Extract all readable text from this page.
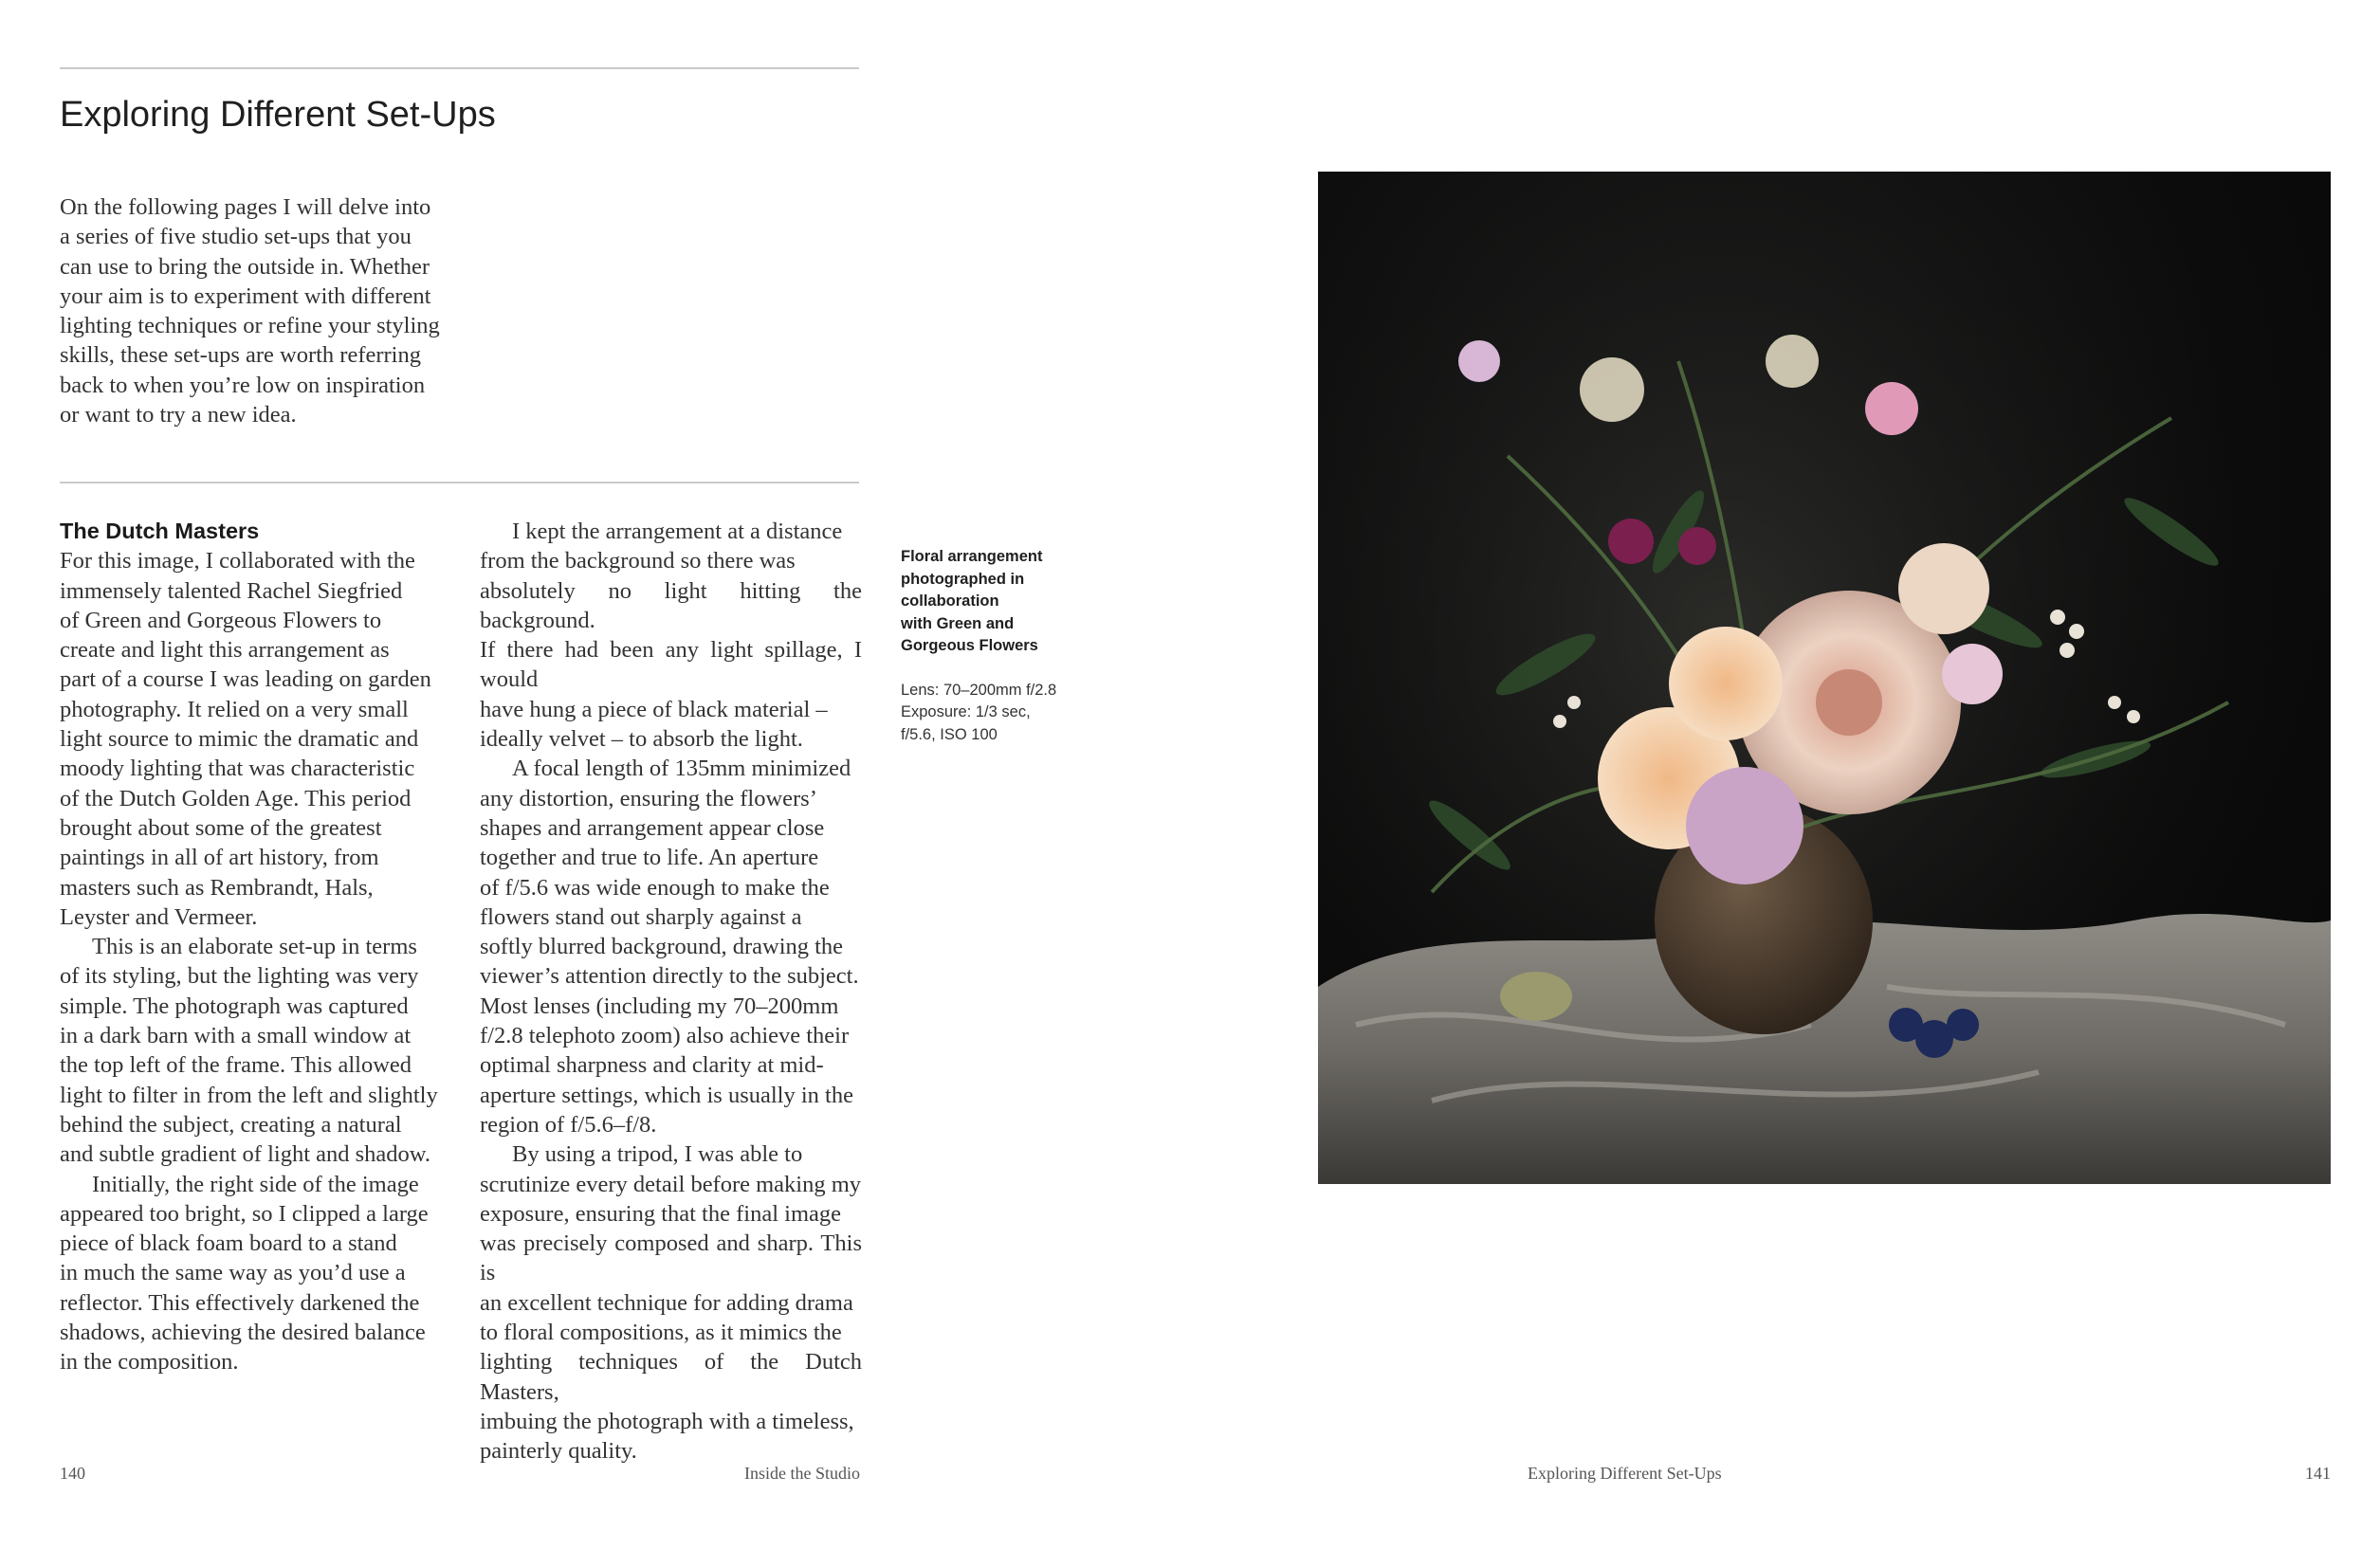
Exploring Different Set-Ups

On the following pages I will delve into
a series of five studio set-ups that you
can use to bring the outside in. Whether
your aim is to experiment with different
lighting techniques or refine your styling
skills, these set-ups are worth referring
back to when you’re low on inspiration
or want to try a new idea.

The Dutch Masters

For this image, I collaborated with the
immensely talented Rachel Siegfried
of Green and Gorgeous Flowers to
create and light this arrangement as
part of a course I was leading on garden
photography. It relied on a very small
light source to mimic the dramatic and
moody lighting that was characteristic
of the Dutch Golden Age. This period
brought about some of the greatest
paintings in all of art history, from
masters such as Rembrandt, Hals,
Leyster and Vermeer.

This is an elaborate set-up in terms
of its styling, but the lighting was very
simple. The photograph was captured
in a dark barn with a small window at
the top left of the frame. This allowed
light to filter in from the left and slightly
behind the subject, creating a natural
and subtle gradient of light and shadow.

Initially, the right side of the image
appeared too bright, so I clipped a large
piece of black foam board to a stand
in much the same way as you’d use a
reflector. This effectively darkened the
shadows, achieving the desired balance
in the composition.

I kept the arrangement at a distance
from the background so there was
absolutely no light hitting the background.
If there had been any light spillage, I would
have hung a piece of black material –
ideally velvet – to absorb the light.

A focal length of 135mm minimized
any distortion, ensuring the flowers’
shapes and arrangement appear close
together and true to life. An aperture
of f/5.6 was wide enough to make the
flowers stand out sharply against a
softly blurred background, drawing the
viewer’s attention directly to the subject.
Most lenses (including my 70–200mm
f/2.8 telephoto zoom) also achieve their
optimal sharpness and clarity at mid-
aperture settings, which is usually in the
region of f/5.6–f/8.

By using a tripod, I was able to
scrutinize every detail before making my
exposure, ensuring that the final image
was precisely composed and sharp. This is
an excellent technique for adding drama
to floral compositions, as it mimics the
lighting techniques of the Dutch Masters,
imbuing the photograph with a timeless,
painterly quality.

Floral arrangement
photographed in
collaboration
with Green and
Gorgeous Flowers

Lens: 70–200mm f/2.8
Exposure: 1/3 sec,
f/5.6, ISO 100

140	Inside the Studio	Exploring Different Set-Ups	141
